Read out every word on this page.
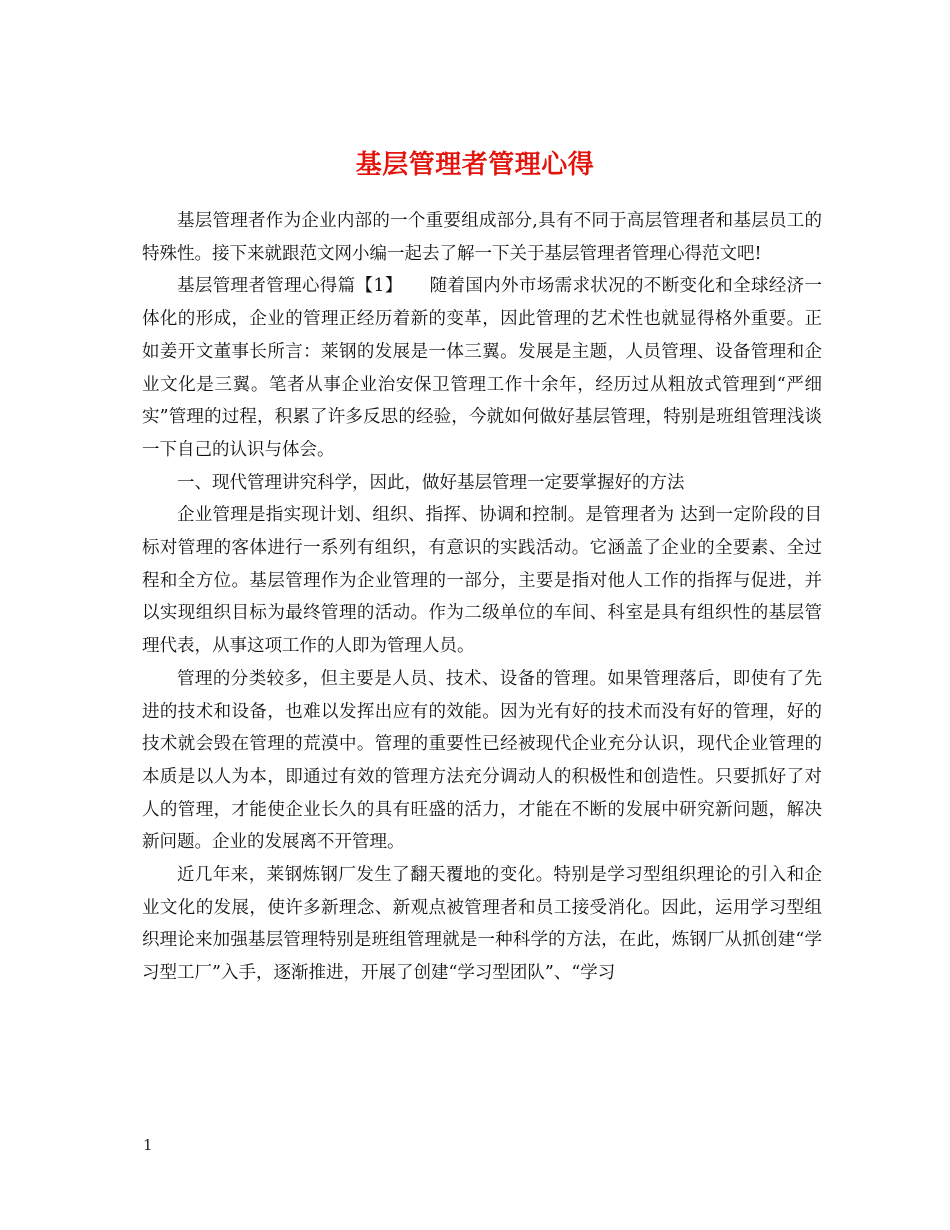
基层管理者管理心得

基层管理者作为企业内部的一个重要组成部分,具有不同于高层管理者和基层员工的特殊性。接下来就跟范文网小编一起去了解一下关于基层管理者管理心得范文吧!

基层管理者管理心得篇【1】　　随着国内外市场需求状况的不断变化和全球经济一体化的形成，企业的管理正经历着新的变革，因此管理的艺术性也就显得格外重要。正如姜开文董事长所言：莱钢的发展是一体三翼。发展是主题，人员管理、设备管理和企业文化是三翼。笔者从事企业治安保卫管理工作十余年，经历过从粗放式管理到“严细实”管理的过程，积累了许多反思的经验，今就如何做好基层管理，特别是班组管理浅谈一下自己的认识与体会。

一、现代管理讲究科学，因此，做好基层管理一定要掌握好的方法

企业管理是指实现计划、组织、指挥、协调和控制。是管理者为 达到一定阶段的目标对管理的客体进行一系列有组织，有意识的实践活动。它涵盖了企业的全要素、全过程和全方位。基层管理作为企业管理的一部分，主要是指对他人工作的指挥与促进，并以实现组织目标为最终管理的活动。作为二级单位的车间、科室是具有组织性的基层管理代表，从事这项工作的人即为管理人员。

管理的分类较多，但主要是人员、技术、设备的管理。如果管理落后，即使有了先进的技术和设备，也难以发挥出应有的效能。因为光有好的技术而没有好的管理，好的技术就会毁在管理的荒漠中。管理的重要性已经被现代企业充分认识，现代企业管理的本质是以人为本，即通过有效的管理方法充分调动人的积极性和创造性。只要抓好了对人的管理，才能使企业长久的具有旺盛的活力，才能在不断的发展中研究新问题，解决新问题。企业的发展离不开管理。

近几年来，莱钢炼钢厂发生了翻天覆地的变化。特别是学习型组织理论的引入和企业文化的发展，使许多新理念、新观点被管理者和员工接受消化。因此，运用学习型组织理论来加强基层管理特别是班组管理就是一种科学的方法，在此，炼钢厂从抓创建“学习型工厂”入手，逐渐推进，开展了创建“学习型团队”、“学习

1
